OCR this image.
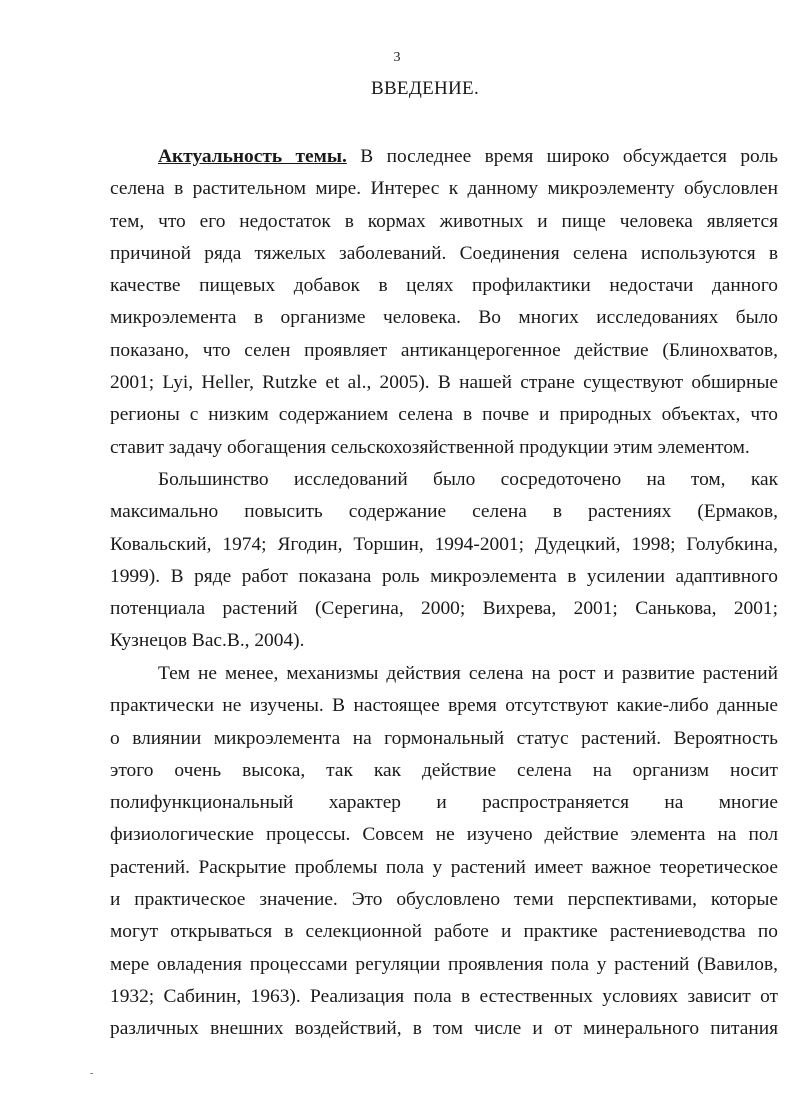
3
ВВЕДЕНИЕ.
Актуальность темы. В последнее время широко обсуждается роль
селена в растительном мире. Интерес к данному микроэлементу обусловлен
тем, что его недостаток в кормах животных и пище человека является
причиной ряда тяжелых заболеваний. Соединения селена используются в
качестве пищевых добавок в целях профилактики недостачи данного
микроэлемента в организме человека. Во многих исследованиях было
показано, что селен проявляет антиканцерогенное действие (Блинохватов,
2001; Lyi, Heller, Rutzke et al., 2005). В нашей стране существуют обширные
регионы с низким содержанием селена в почве и природных объектах, что
ставит задачу обогащения сельскохозяйственной продукции этим элементом.
Большинство исследований было сосредоточено на том, как
максимально повысить содержание селена в растениях (Ермаков,
Ковальский, 1974; Ягодин, Торшин, 1994-2001; Дудецкий, 1998; Голубкина,
1999). В ряде работ показана роль микроэлемента в усилении адаптивного
потенциала растений (Серегина, 2000; Вихрева, 2001; Санькова, 2001;
Кузнецов Вас.В., 2004).
Тем не менее, механизмы действия селена на рост и развитие растений
практически не изучены. В настоящее время отсутствуют какие-либо данные
о влиянии микроэлемента на гормональный статус растений. Вероятность
этого очень высока, так как действие селена на организм носит
полифункциональный характер и распространяется на многие
физиологические процессы. Совсем не изучено действие элемента на пол
растений. Раскрытие проблемы пола у растений имеет важное теоретическое
и практическое значение. Это обусловлено теми перспективами, которые
могут открываться в селекционной работе и практике растениеводства по
мере овладения процессами регуляции проявления пола у растений (Вавилов,
1932; Сабинин, 1963). Реализация пола в естественных условиях зависит от
различных внешних воздействий, в том числе и от минерального питания
-
